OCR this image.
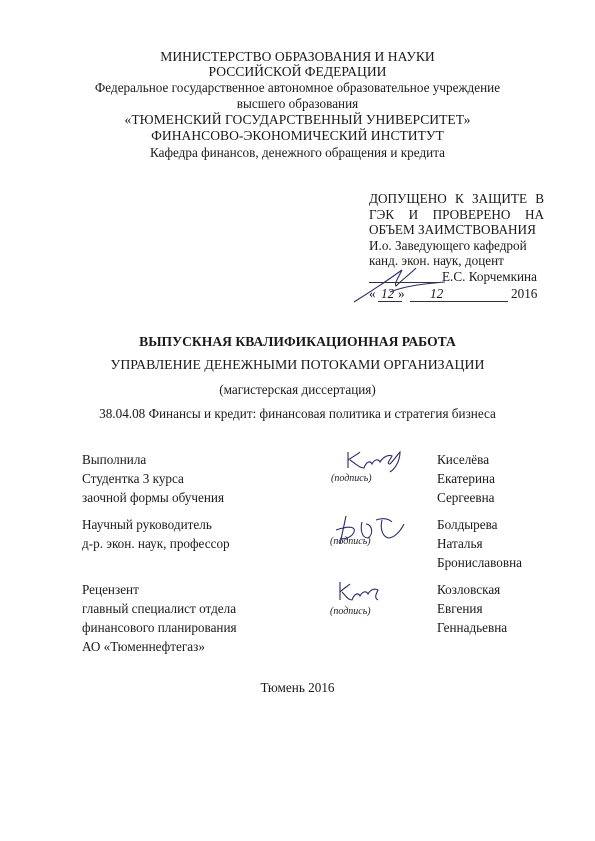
МИНИСТЕРСТВО ОБРАЗОВАНИЯ И НАУКИ
РОССИЙСКОЙ ФЕДЕРАЦИИ
Федеральное государственное автономное образовательное учреждение
высшего образования
«ТЮМЕНСКИЙ ГОСУДАРСТВЕННЫЙ УНИВЕРСИТЕТ»
ФИНАНСОВО-ЭКОНОМИЧЕСКИЙ ИНСТИТУТ
Кафедра финансов, денежного обращения и кредита
ДОПУЩЕНО К ЗАЩИТЕ В
ГЭК И ПРОВЕРЕНО НА
ОБЪЕМ ЗАИМСТВОВАНИЯ
И.о. Заведующего кафедрой
канд. экон. наук, доцент
Е.С. Корчемкина
« 12 » 12	2016
ВЫПУСКНАЯ КВАЛИФИКАЦИОННАЯ РАБОТА
УПРАВЛЕНИЕ ДЕНЕЖНЫМИ ПОТОКАМИ ОРГАНИЗАЦИИ
(магистерская диссертация)
38.04.08 Финансы и кредит: финансовая политика и стратегия бизнеса
Выполнила
Студентка 3 курса
заочной формы обучения
(подпись)
Киселёва
Екатерина
Сергеевна
Научный руководитель
д-р. экон. наук, профессор	(подпись)
Болдырева
Наталья
Брониславовна
Рецензент
главный специалист отдела
финансового планирования
АО «Тюменнефтегаз»
(подпись)
Козловская
Евгения
Геннадьевна
Тюмень 2016
